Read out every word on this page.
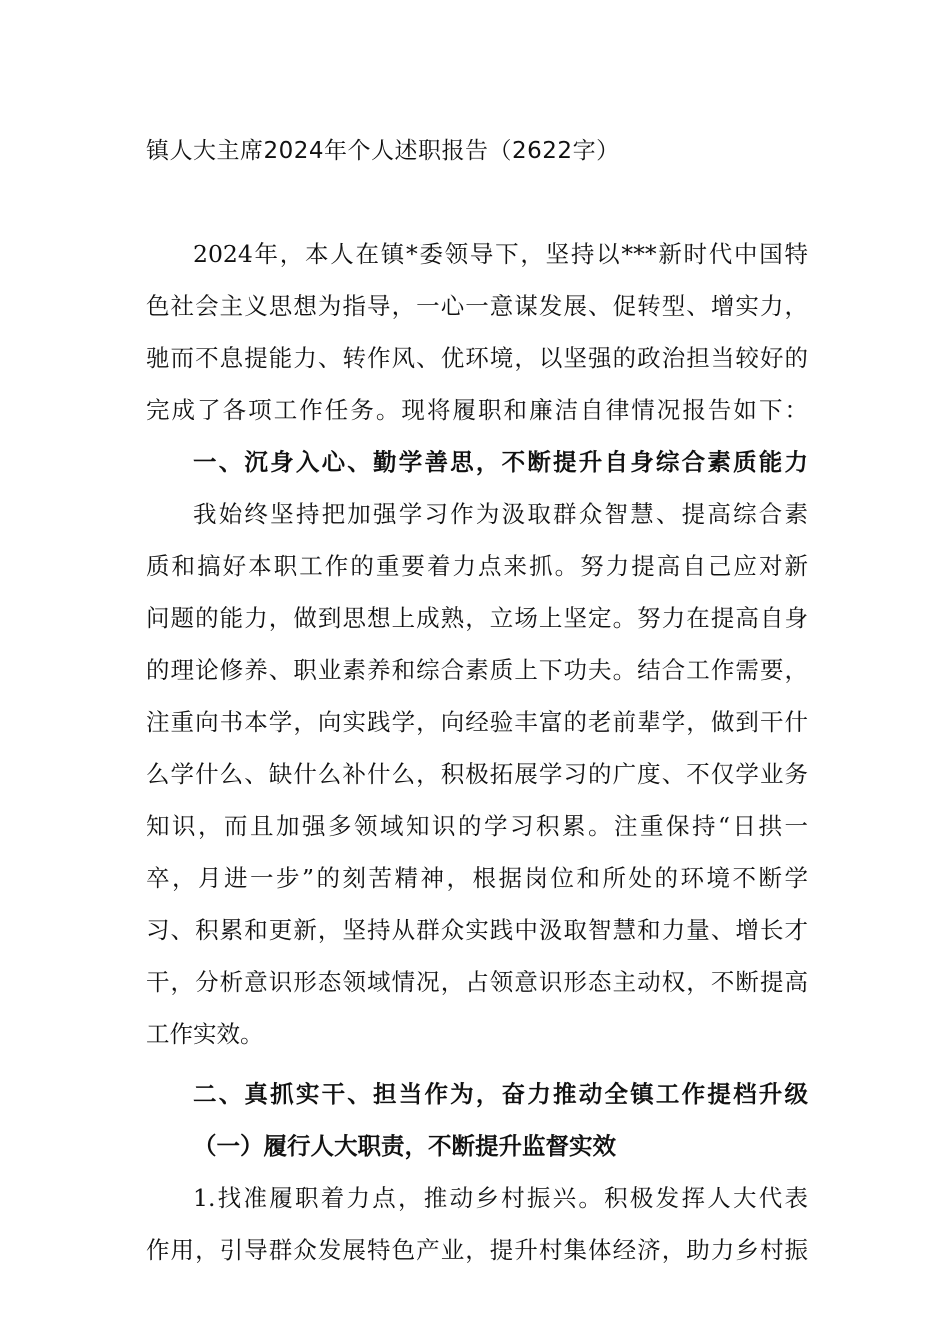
镇人大主席2024年个人述职报告（2622字）
2024年，本人在镇*委领导下，坚持以***新时代中国特
色社会主义思想为指导，一心一意谋发展、促转型、增实力，
驰而不息提能力、转作风、优环境，以坚强的政治担当较好的
完成了各项工作任务。现将履职和廉洁自律情况报告如下：
一、沉身入心、勤学善思，不断提升自身综合素质能力
我始终坚持把加强学习作为汲取群众智慧、提高综合素
质和搞好本职工作的重要着力点来抓。努力提高自己应对新
问题的能力，做到思想上成熟，立场上坚定。努力在提高自身
的理论修养、职业素养和综合素质上下功夫。结合工作需要，
注重向书本学，向实践学，向经验丰富的老前辈学，做到干什
么学什么、缺什么补什么，积极拓展学习的广度、不仅学业务
知识，而且加强多领域知识的学习积累。注重保持“日拱一
卒，月进一步”的刻苦精神，根据岗位和所处的环境不断学
习、积累和更新，坚持从群众实践中汲取智慧和力量、增长才
干，分析意识形态领域情况，占领意识形态主动权，不断提高
工作实效。
二、真抓实干、担当作为，奋力推动全镇工作提档升级
（一）履行人大职责，不断提升监督实效
1.找准履职着力点，推动乡村振兴。积极发挥人大代表
作用，引导群众发展特色产业，提升村集体经济，助力乡村振
